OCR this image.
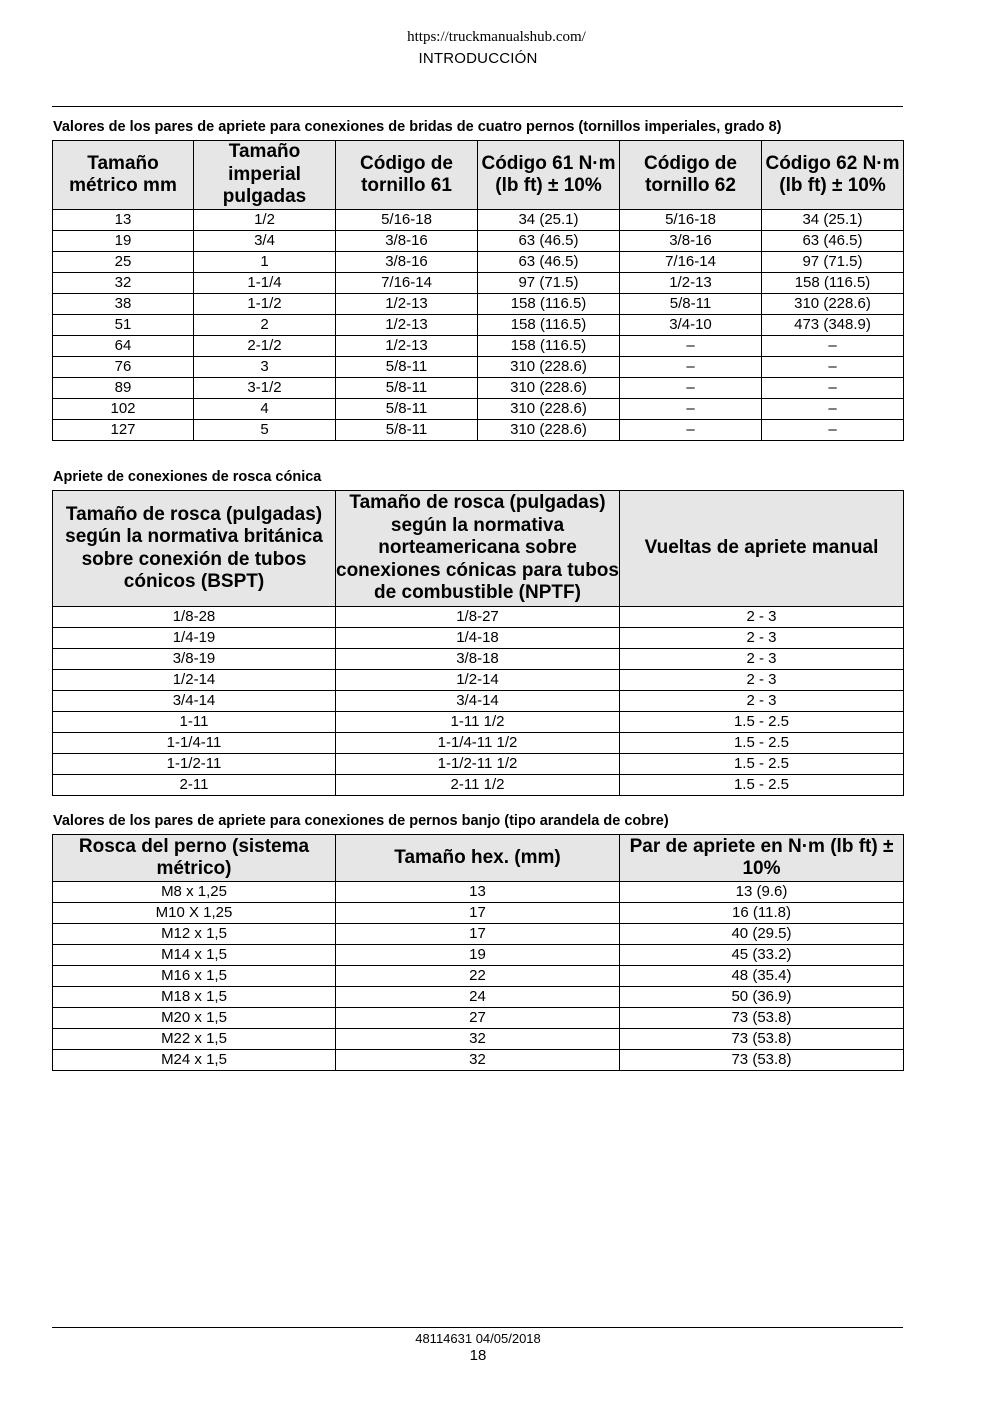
https://truckmanualshub.com/
INTRODUCCIÓN
Valores de los pares de apriete para conexiones de bridas de cuatro pernos (tornillos imperiales, grado 8)
Tamaño métrico mm	Tamaño imperial pulgadas	Código de tornillo 61	Código 61 N·m (lb ft) ± 10%	Código de tornillo 62	Código 62 N·m (lb ft) ± 10%
13	1/2	5/16-18	34 (25.1)	5/16-18	34 (25.1)
19	3/4	3/8-16	63 (46.5)	3/8-16	63 (46.5)
25	1	3/8-16	63 (46.5)	7/16-14	97 (71.5)
32	1-1/4	7/16-14	97 (71.5)	1/2-13	158 (116.5)
38	1-1/2	1/2-13	158 (116.5)	5/8-11	310 (228.6)
51	2	1/2-13	158 (116.5)	3/4-10	473 (348.9)
64	2-1/2	1/2-13	158 (116.5)	–	–
76	3	5/8-11	310 (228.6)	–	–
89	3-1/2	5/8-11	310 (228.6)	–	–
102	4	5/8-11	310 (228.6)	–	–
127	5	5/8-11	310 (228.6)	–	–
Apriete de conexiones de rosca cónica
Tamaño de rosca (pulgadas) según la normativa británica sobre conexión de tubos cónicos (BSPT)	Tamaño de rosca (pulgadas) según la normativa norteamericana sobre conexiones cónicas para tubos de combustible (NPTF)	Vueltas de apriete manual
1/8-28	1/8-27	2 - 3
1/4-19	1/4-18	2 - 3
3/8-19	3/8-18	2 - 3
1/2-14	1/2-14	2 - 3
3/4-14	3/4-14	2 - 3
1-11	1-11 1/2	1.5 - 2.5
1-1/4-11	1-1/4-11 1/2	1.5 - 2.5
1-1/2-11	1-1/2-11 1/2	1.5 - 2.5
2-11	2-11 1/2	1.5 - 2.5
Valores de los pares de apriete para conexiones de pernos banjo (tipo arandela de cobre)
Rosca del perno (sistema métrico)	Tamaño hex. (mm)	Par de apriete en N·m (lb ft) ± 10%
M8 x 1,25	13	13 (9.6)
M10 X 1,25	17	16 (11.8)
M12 x 1,5	17	40 (29.5)
M14 x 1,5	19	45 (33.2)
M16 x 1,5	22	48 (35.4)
M18 x 1,5	24	50 (36.9)
M20 x 1,5	27	73 (53.8)
M22 x 1,5	32	73 (53.8)
M24 x 1,5	32	73 (53.8)
48114631 04/05/2018
18
